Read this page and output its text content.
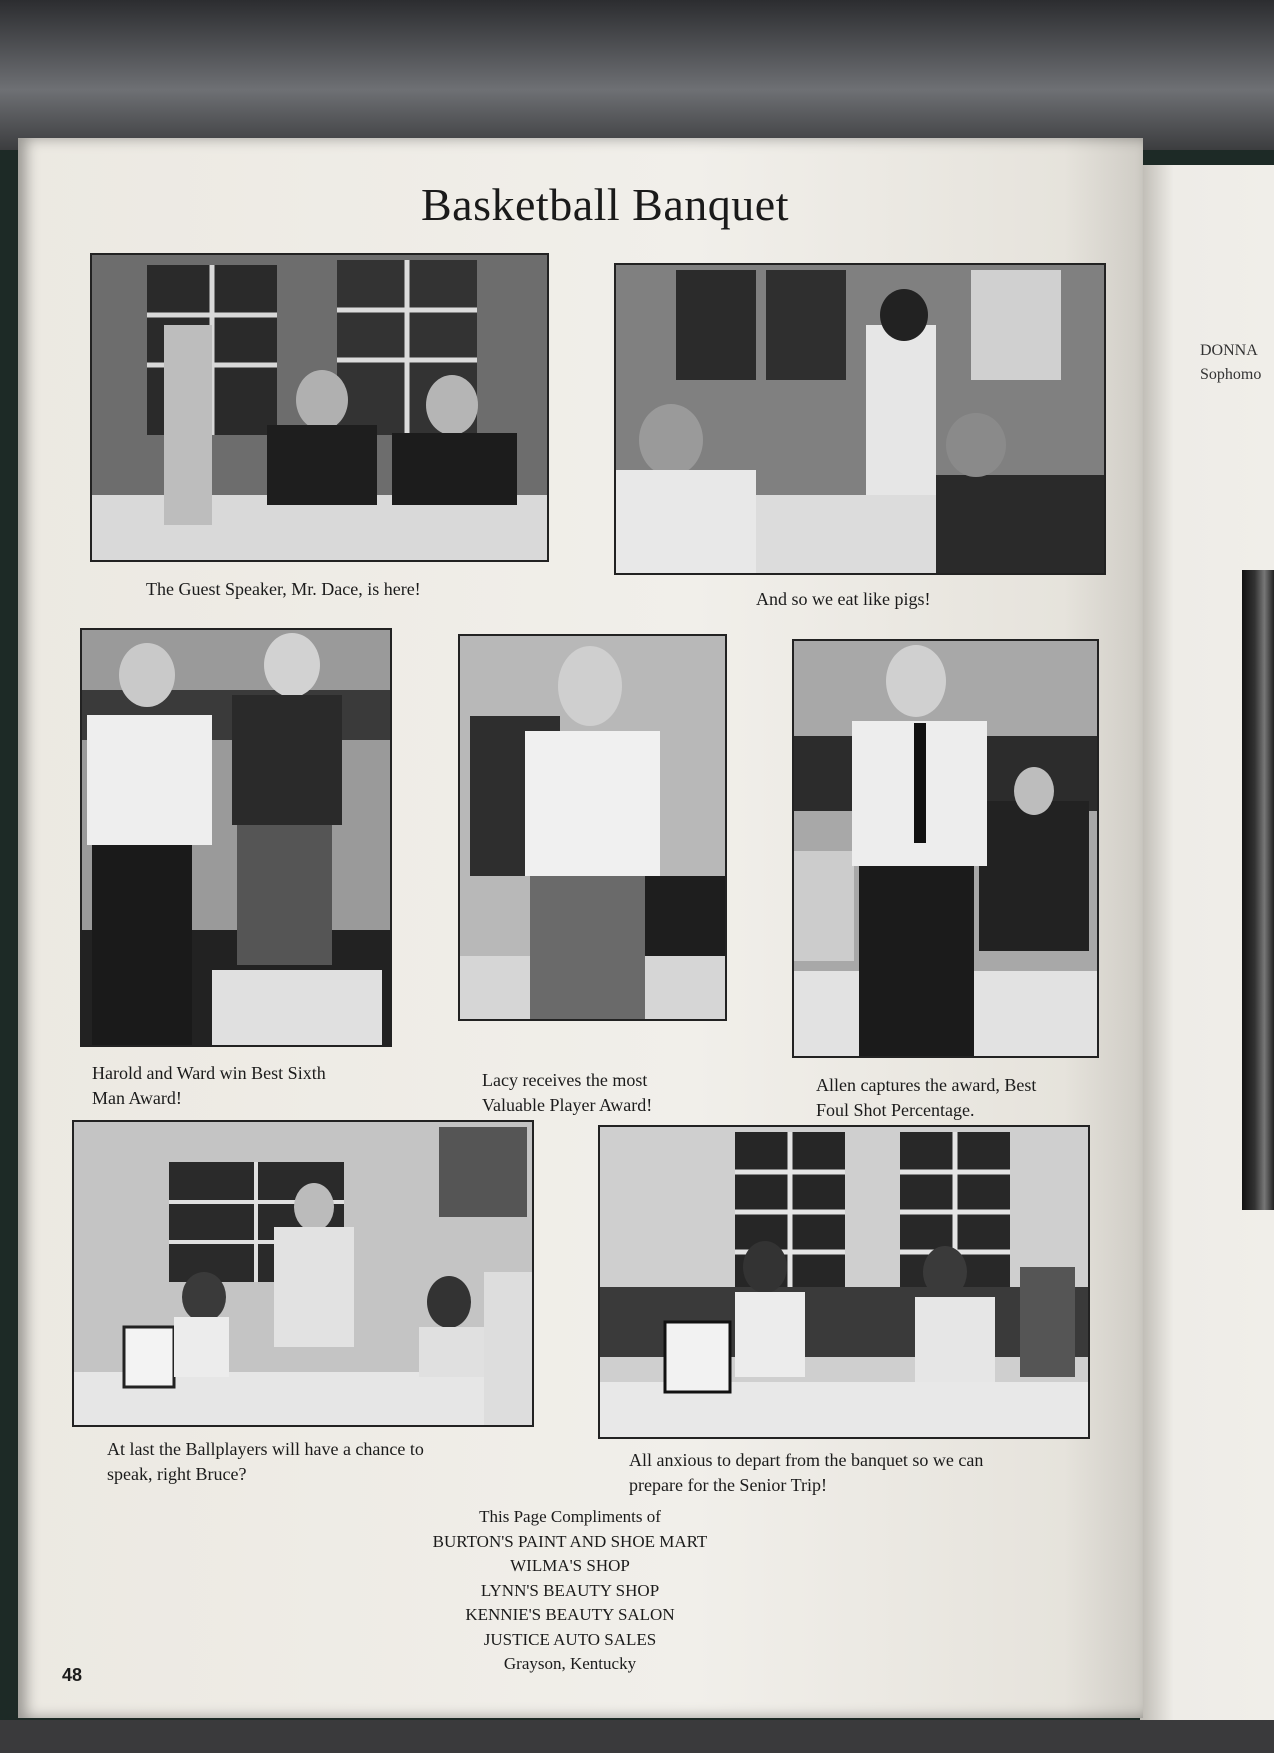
DONNA
Sophomo
Basketball Banquet
The Guest Speaker, Mr. Dace, is here!	And so we eat like pigs!
Harold and Ward win Best Sixth
Man Award!
Lacy receives the most
Valuable Player Award!
Allen captures the award, Best
Foul Shot Percentage.
At last the Ballplayers will have a chance to
speak, right Bruce?
All anxious to depart from the banquet so we can
prepare for the Senior Trip!
This Page Compliments of
BURTON'S PAINT AND SHOE MART
WILMA'S SHOP
LYNN'S BEAUTY SHOP
KENNIE'S BEAUTY SALON
JUSTICE AUTO SALES
Grayson, Kentucky
48
